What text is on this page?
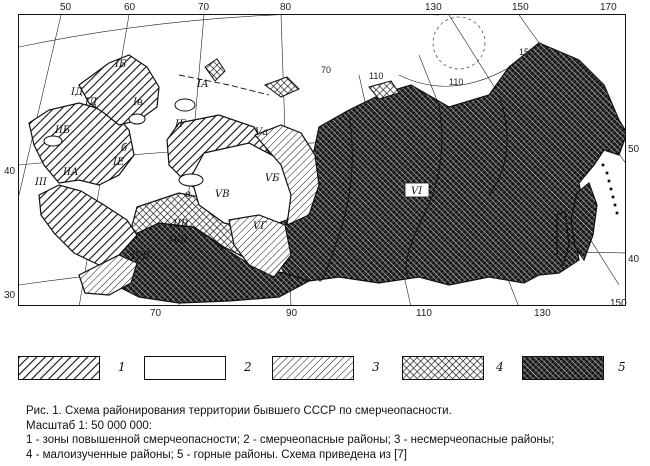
70
110
110
150
IБ
IД
IА
Iв
IД
IГ
IIБ
IЕ
б
IIА
III
в
Vа
VБ
VВ
IIВ	VГ
IVБ
IVВ
VI
50	60	70	80	130	150	170
70	90	110	130
150
40
30
50
40
1	2	3	4	5
Рис. 1. Схема районирования территории бывшего СССР по смерчеопасности.
Масштаб 1: 50 000 000:
1 - зоны повышенной смерчеопасности; 2 - смерчеопасные районы; 3 - несмерчеопасные районы;
4 - малоизученные районы; 5 - горные районы. Схема приведена из [7]
